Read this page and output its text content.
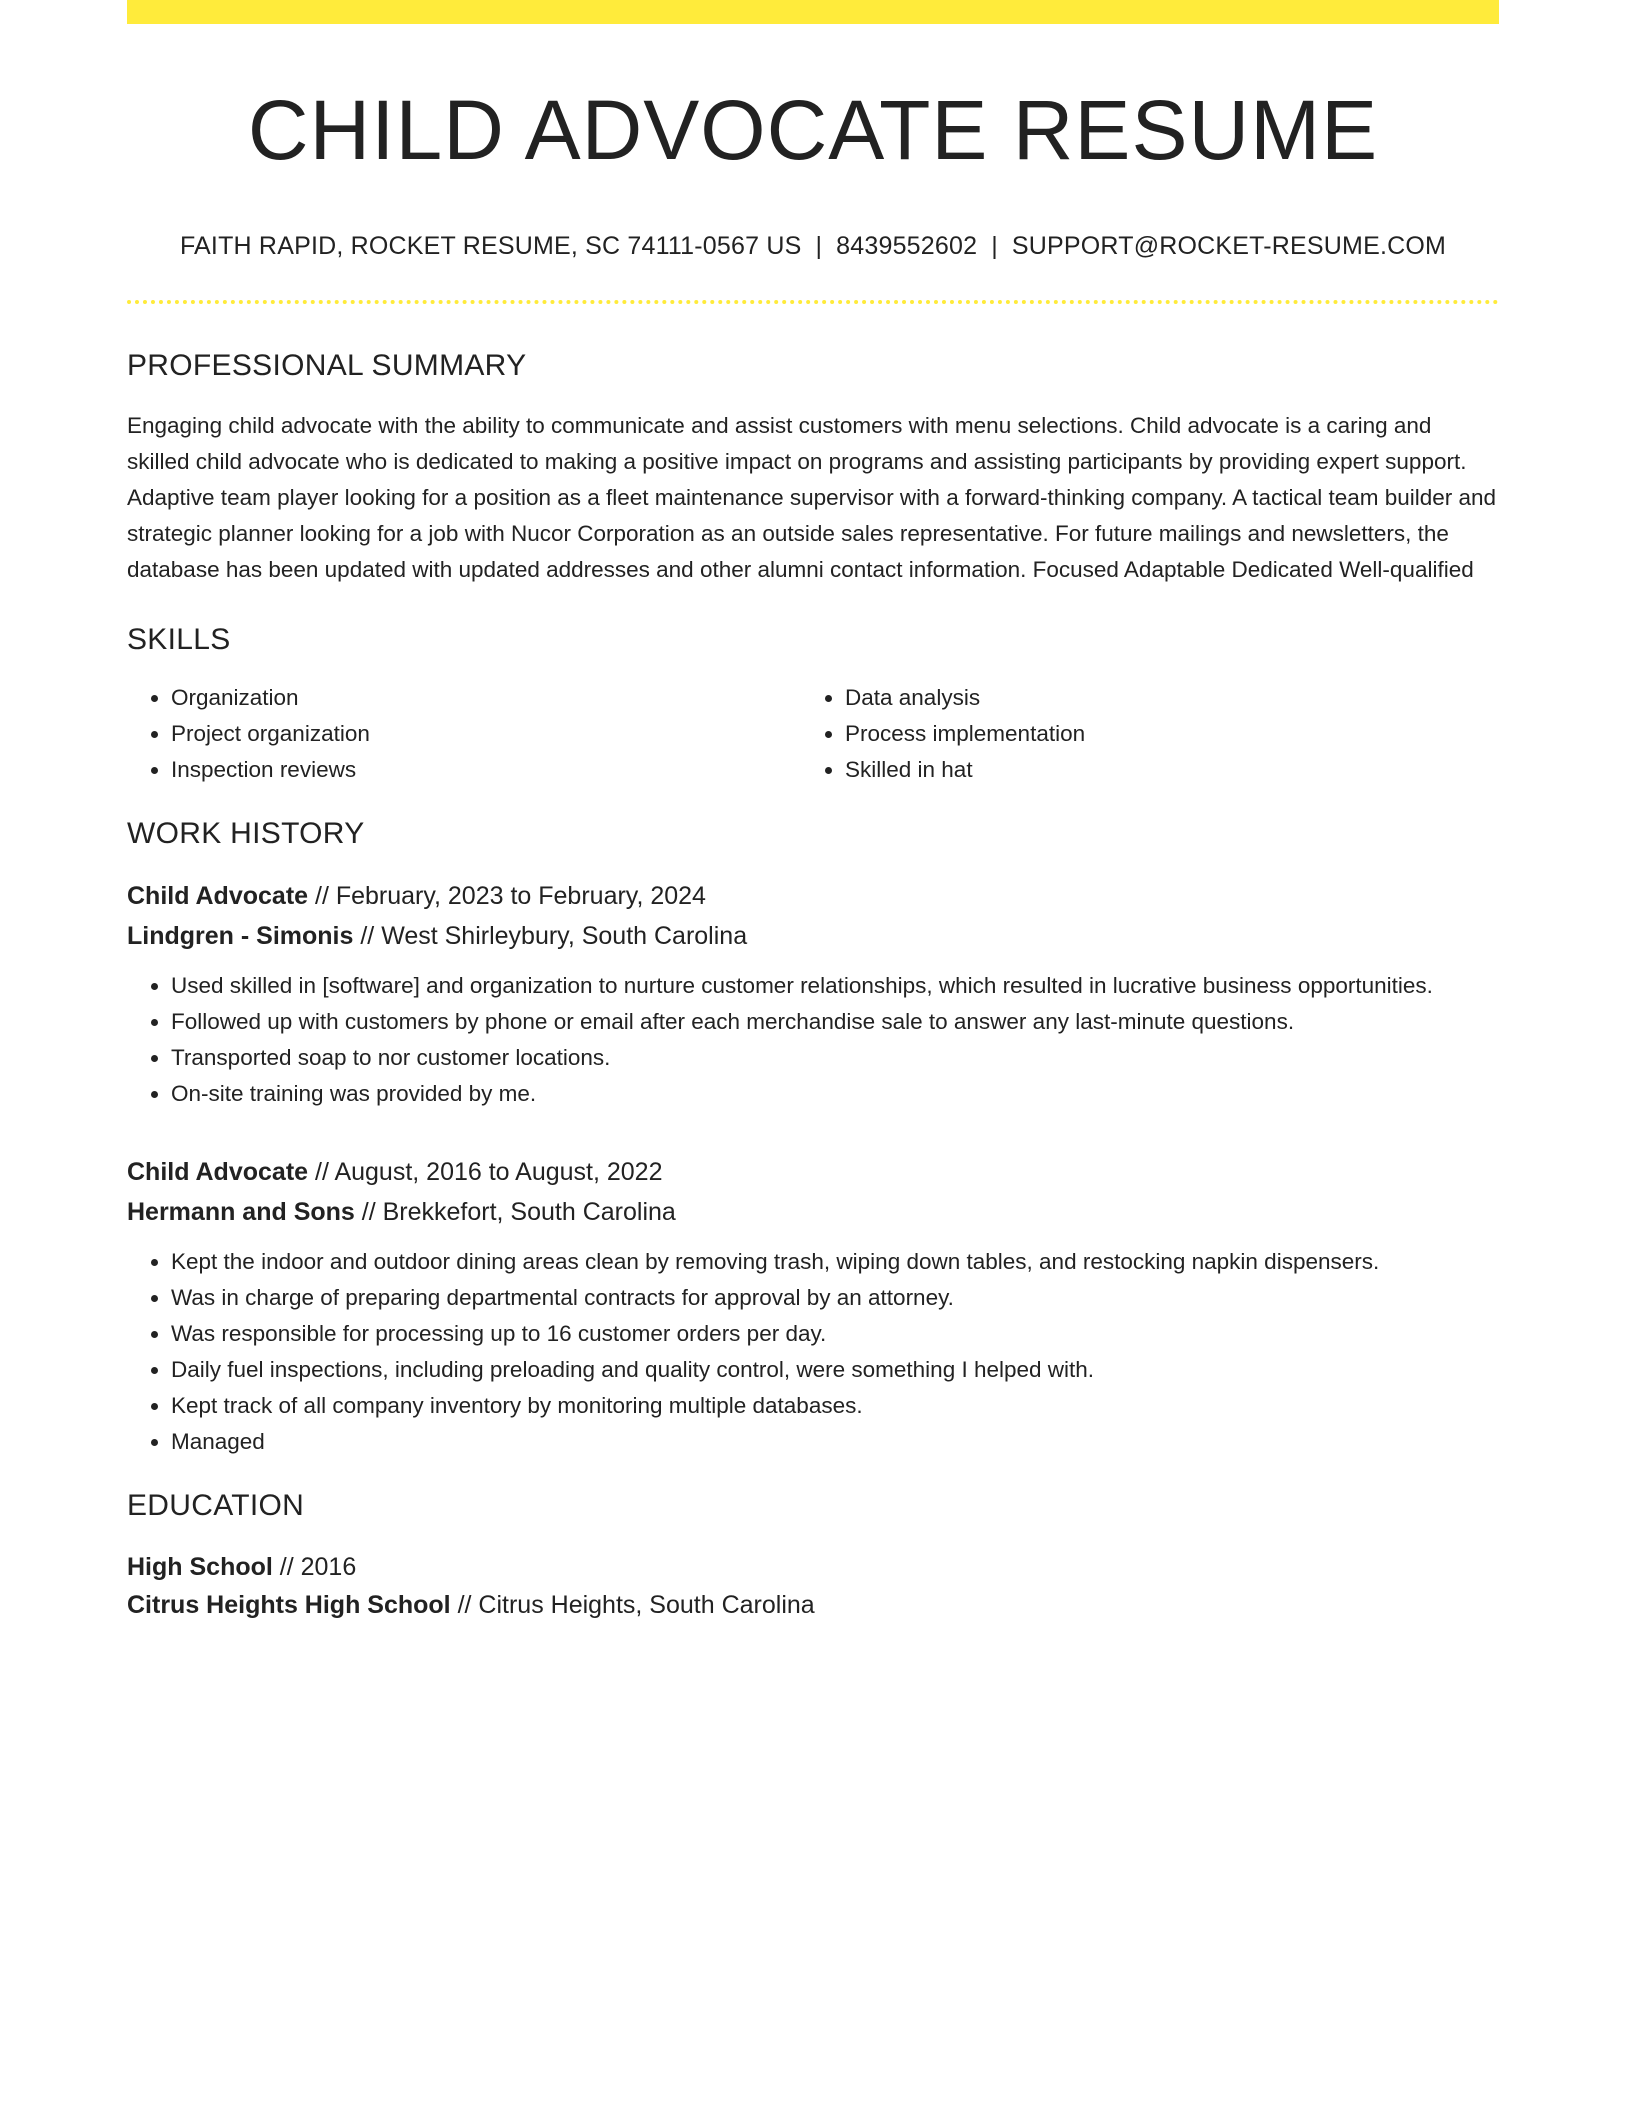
CHILD ADVOCATE RESUME
FAITH RAPID, ROCKET RESUME, SC 74111-0567 US | 8439552602 | SUPPORT@ROCKET-RESUME.COM
PROFESSIONAL SUMMARY

Engaging child advocate with the ability to communicate and assist customers with menu selections. Child advocate is a caring and skilled child advocate who is dedicated to making a positive impact on programs and assisting participants by providing expert support. Adaptive team player looking for a position as a fleet maintenance supervisor with a forward-thinking company. A tactical team builder and strategic planner looking for a job with Nucor Corporation as an outside sales representative. For future mailings and newsletters, the database has been updated with updated addresses and other alumni contact information. Focused Adaptable Dedicated Well-qualified

SKILLS
• Organization
• Project organization
• Inspection reviews
• Data analysis
• Process implementation
• Skilled in hat
WORK HISTORY
Child Advocate // February, 2023 to February, 2024
Lindgren - Simonis // West Shirleybury, South Carolina
• Used skilled in [software] and organization to nurture customer relationships, which resulted in lucrative business opportunities.
• Followed up with customers by phone or email after each merchandise sale to answer any last-minute questions.
• Transported soap to nor customer locations.
• On-site training was provided by me.
Child Advocate // August, 2016 to August, 2022
Hermann and Sons // Brekkefort, South Carolina
• Kept the indoor and outdoor dining areas clean by removing trash, wiping down tables, and restocking napkin dispensers.
• Was in charge of preparing departmental contracts for approval by an attorney.
• Was responsible for processing up to 16 customer orders per day.
• Daily fuel inspections, including preloading and quality control, were something I helped with.
• Kept track of all company inventory by monitoring multiple databases.
• Managed
EDUCATION
High School // 2016
Citrus Heights High School // Citrus Heights, South Carolina
